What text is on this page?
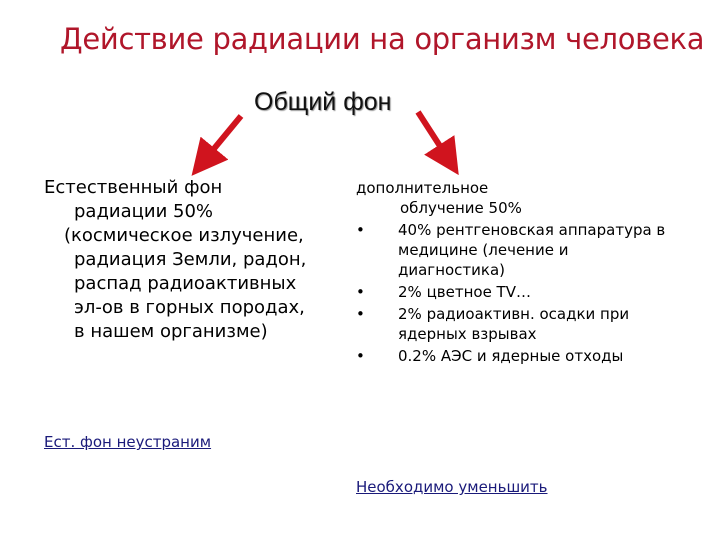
Действие радиации на организм человека
Общий фон
Естественный фон
радиации 50%
(космическое излучение,
радиация Земли, радон,
распад радиоактивных
эл-ов в горных породах,
в нашем организме)
дополнительное
облучение 50%
• 40% рентгеновская аппаратура в
медицине (лечение и
диагностика)
• 2% цветное TV…
• 2% радиоактивн. осадки при
ядерных взрывах
• 0.2% АЭС и ядерные отходы
Ест. фон неустраним
Необходимо уменьшить
